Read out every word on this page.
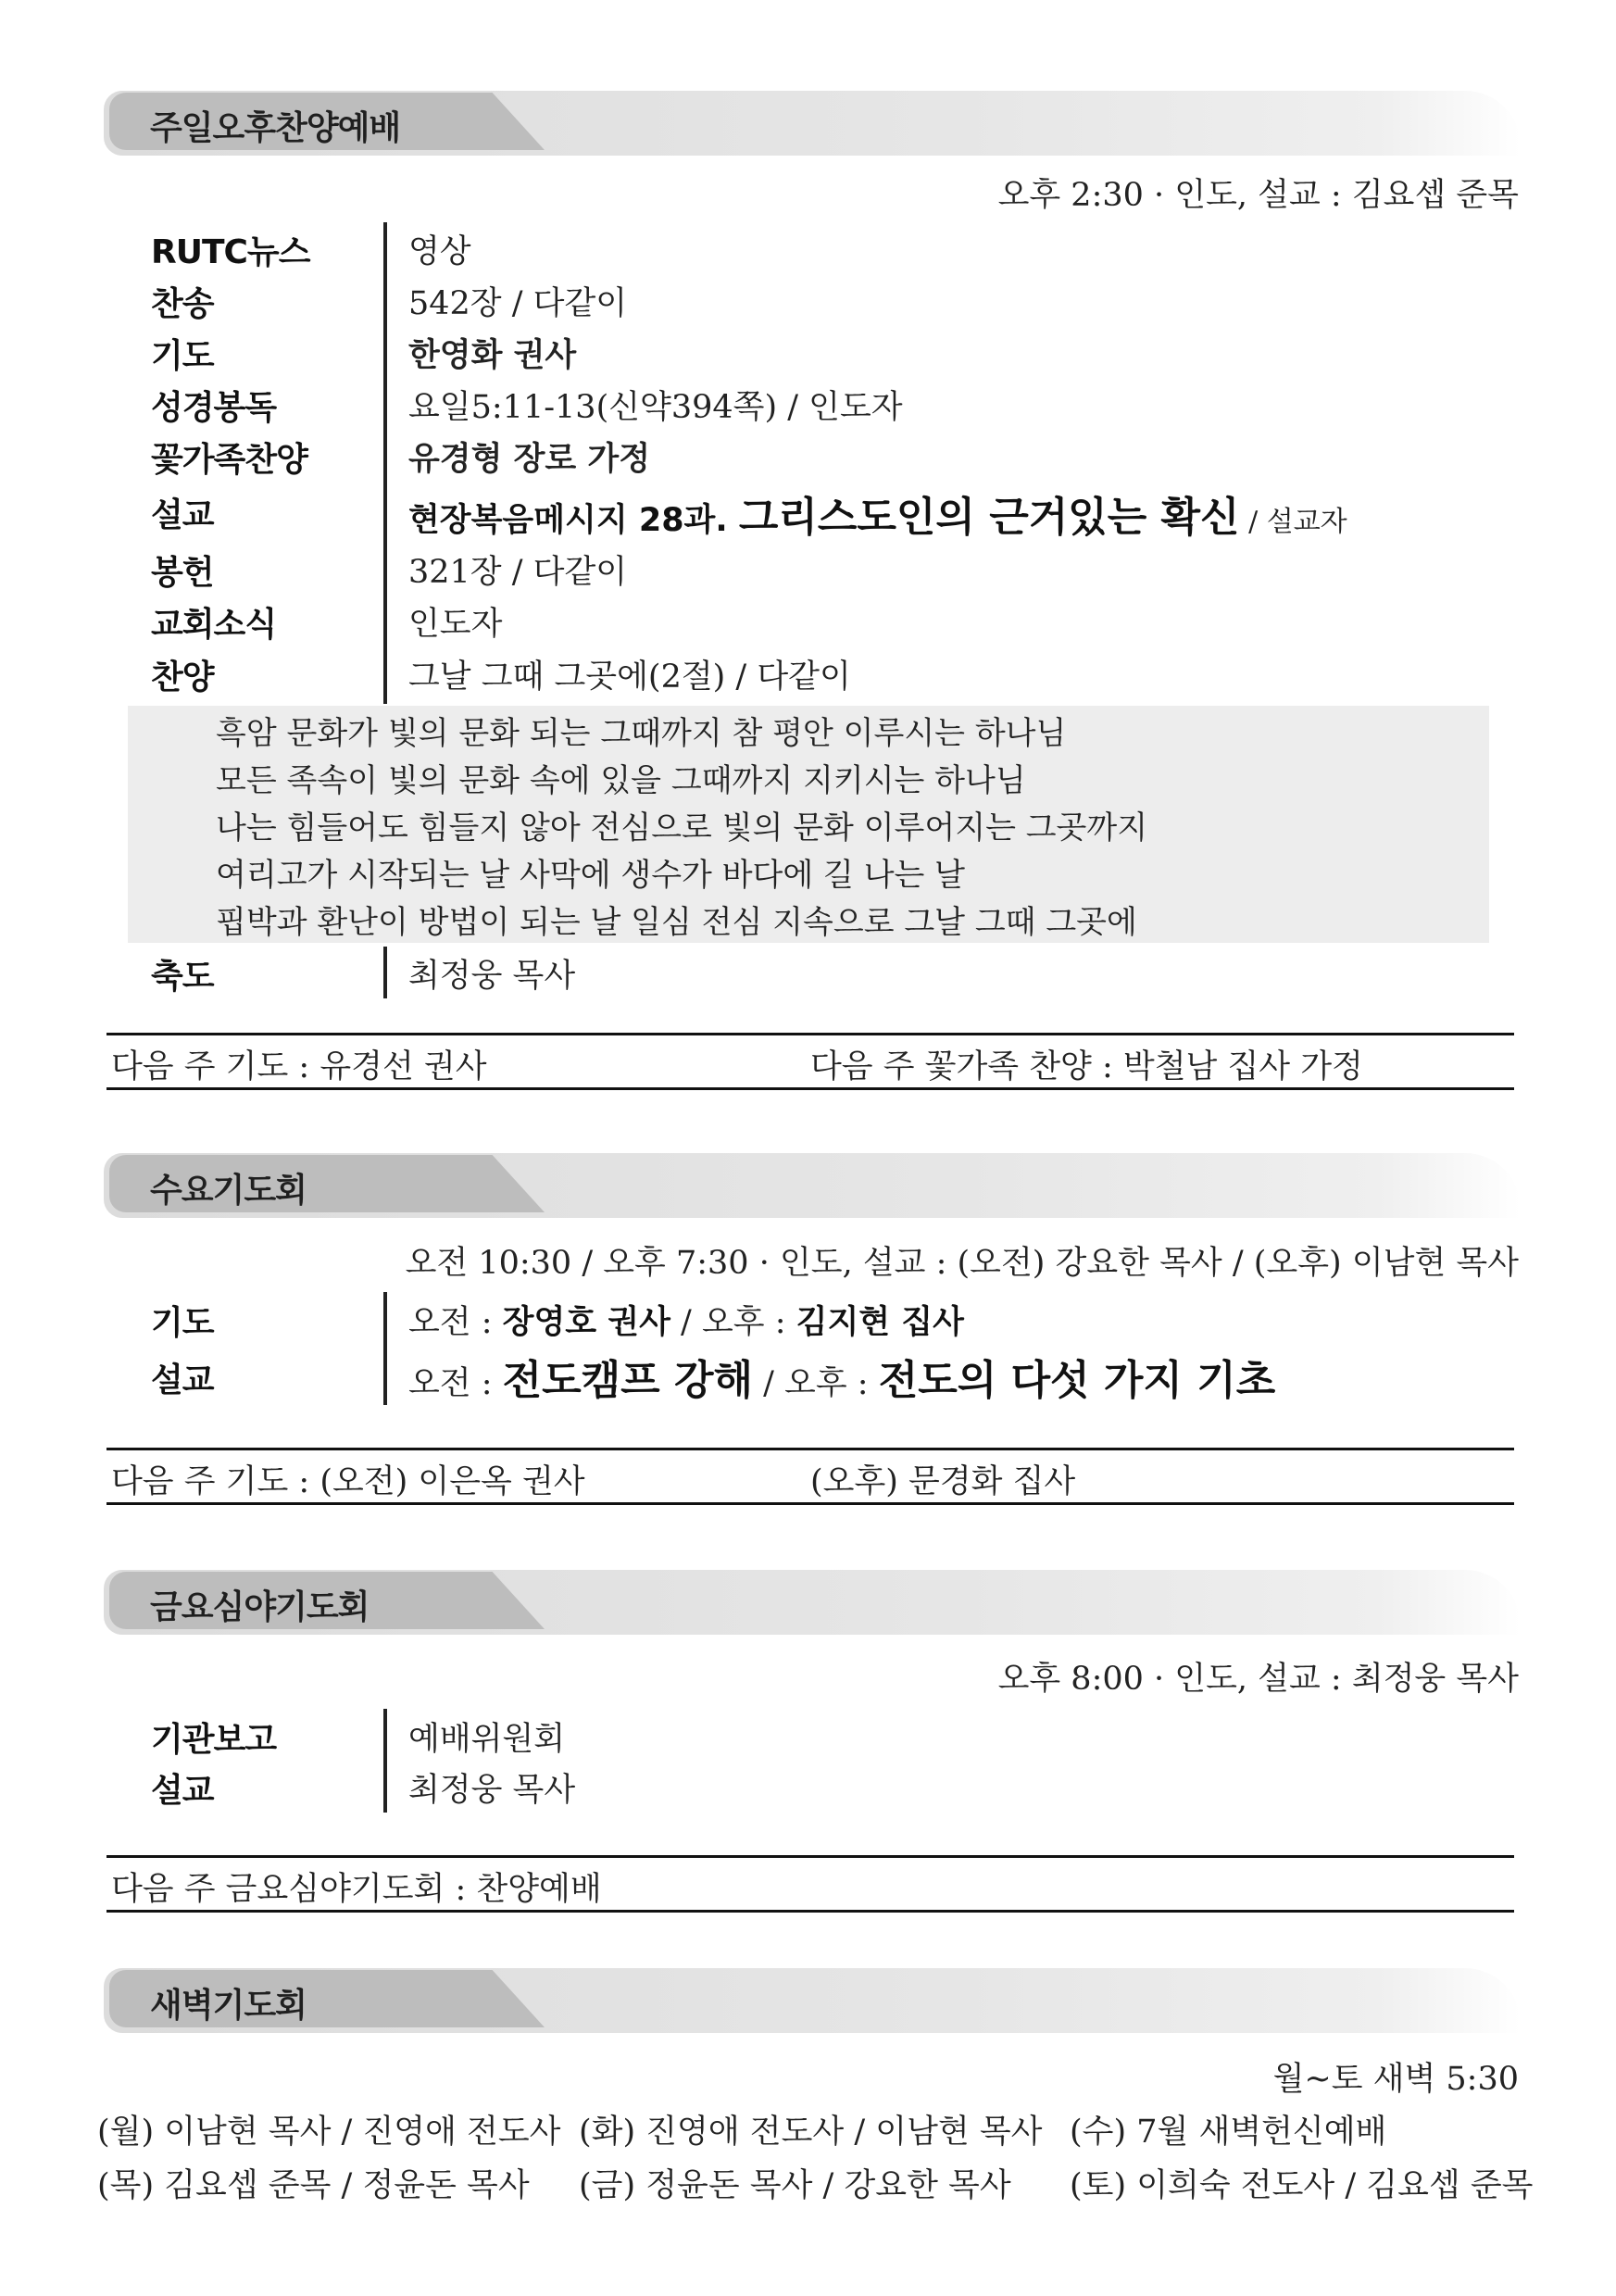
주일오후찬양예배
오후 2:30 · 인도, 설교 : 김요셉 준목
RUTC뉴스	영상
찬송	542장 / 다같이
기도	한영화 권사
성경봉독	요일5:11-13(신약394쪽) / 인도자
꽃가족찬양	유경형 장로 가정
설교	현장복음메시지 28과. 그리스도인의 근거있는 확신 / 설교자
봉헌	321장 / 다같이
교회소식	인도자
찬양	그날 그때 그곳에(2절) / 다같이
흑암 문화가 빛의 문화 되는 그때까지 참 평안 이루시는 하나님
모든 족속이 빛의 문화 속에 있을 그때까지 지키시는 하나님
나는 힘들어도 힘들지 않아 전심으로 빛의 문화 이루어지는 그곳까지
여리고가 시작되는 날 사막에 생수가 바다에 길 나는 날
핍박과 환난이 방법이 되는 날 일심 전심 지속으로 그날 그때 그곳에
축도	최정웅 목사
다음 주 기도 : 유경선 권사	다음 주 꽃가족 찬양 : 박철남 집사 가정
수요기도회
오전 10:30 / 오후 7:30 · 인도, 설교 : (오전) 강요한 목사 / (오후) 이남현 목사
기도	오전 : 장영호 권사 / 오후 : 김지현 집사
설교	오전 : 전도캠프 강해 / 오후 : 전도의 다섯 가지 기초
다음 주 기도 : (오전) 이은옥 권사	(오후) 문경화 집사
금요심야기도회
오후 8:00 · 인도, 설교 : 최정웅 목사
기관보고	예배위원회
설교	최정웅 목사
다음 주 금요심야기도회 : 찬양예배
새벽기도회
월~토 새벽 5:30
(월) 이남현 목사 / 진영애 전도사 (화) 진영애 전도사 / 이남현 목사 (수) 7월 새벽헌신예배
(목) 김요셉 준목 / 정윤돈 목사 (금) 정윤돈 목사 / 강요한 목사 (토) 이희숙 전도사 / 김요셉 준목
